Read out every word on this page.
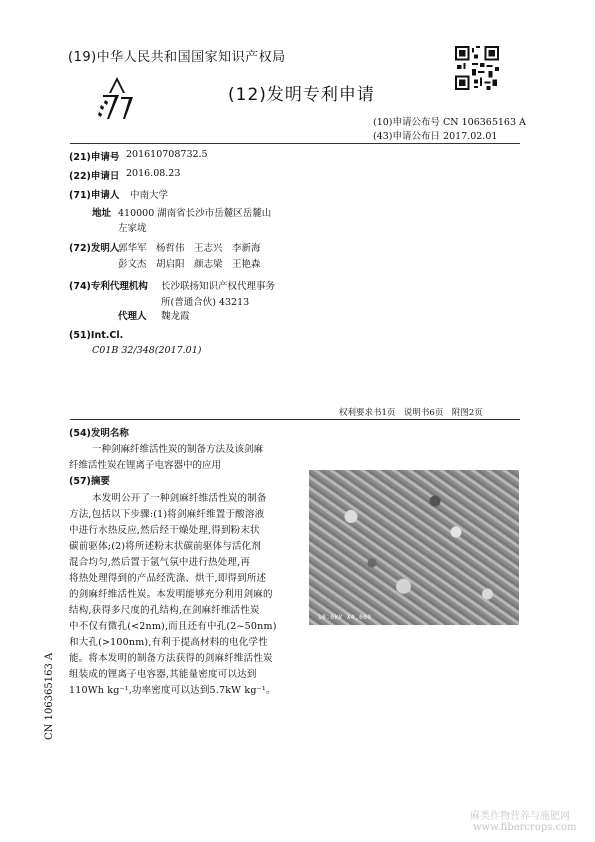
(19)中华人民共和国国家知识产权局
(12)发明专利申请
(10)申请公布号 CN 106365163 A
(43)申请公布日 2017.02.01
(21)申请号 201610708732.5
(22)申请日 2016.08.23
(71)申请人 中南大学
地址 410000 湖南省长沙市岳麓区岳麓山
左家垅
(72)发明人
郭华军　杨哲伟　王志兴　李新海
彭文杰　胡启阳　颜志梁　王艳森
(74)专利代理机构 长沙联扬知识产权代理事务
所(普通合伙) 43213
代理人 魏龙霞
(51)Int.Cl.
C01B 32/348(2017.01)
权利要求书1页　说明书6页　附图2页
(54)发明名称
一种剑麻纤维活性炭的制备方法及该剑麻
纤维活性炭在锂离子电容器中的应用
(57)摘要
本发明公开了一种剑麻纤维活性炭的制备
方法,包括以下步骤:(1)将剑麻纤维置于酸溶液
中进行水热反应,然后经干燥处理,得到粉末状
碳前驱体;(2)将所述粉末状碳前驱体与活化剂
混合均匀,然后置于氩气氛中进行热处理,再
将热处理得到的产品经洗涤、烘干,即得到所述
的剑麻纤维活性炭。本发明能够充分利用剑麻的
结构,获得多尺度的孔结构,在剑麻纤维活性炭
中不仅有微孔(<2nm),而且还有中孔(2~50nm)
和大孔(>100nm),有利于提高材料的电化学性
能。将本发明的制备方法获得的剑麻纤维活性炭
组装成的锂离子电容器,其能量密度可以达到
110Wh kg⁻¹,功率密度可以达到5.7kW kg⁻¹。
10.0kV X4,000
CN 106365163 A
麻类作物营养与施肥网
www.fibercrops.com
